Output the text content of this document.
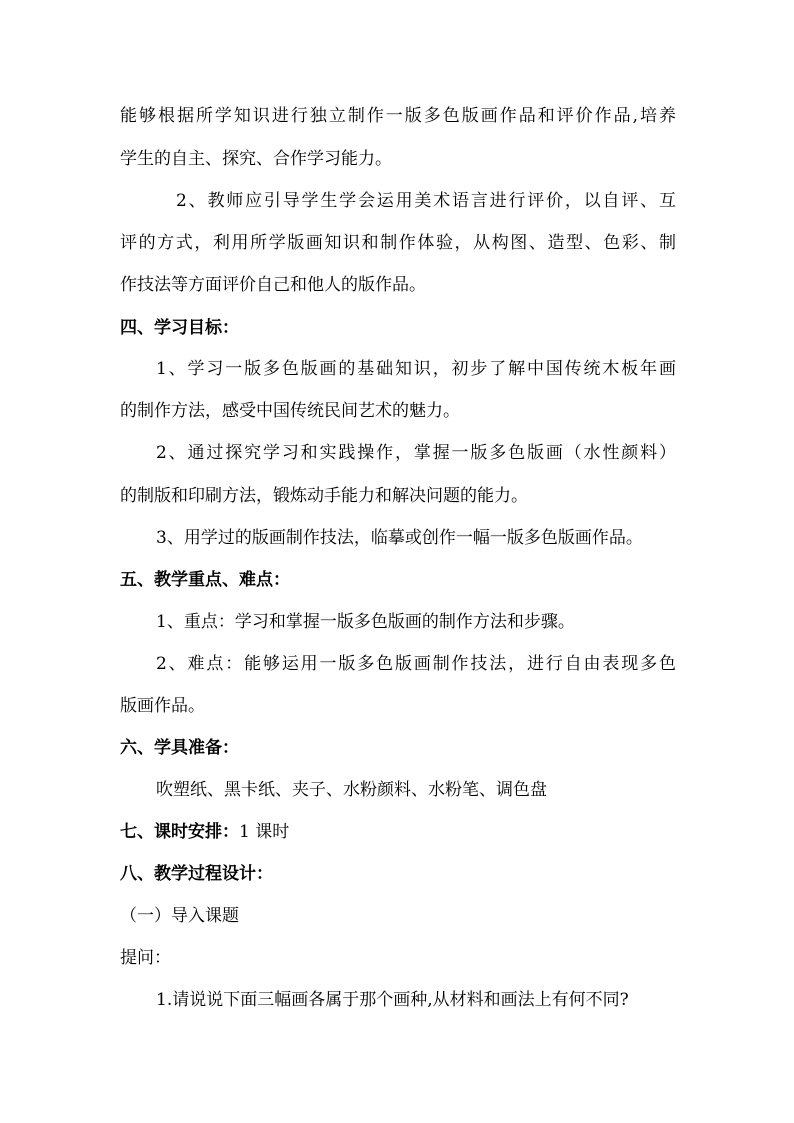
能够根据所学知识进行独立制作一版多色版画作品和评价作品,培养
学生的自主、探究、合作学习能力。
2、教师应引导学生学会运用美术语言进行评价，以自评、互
评的方式，利用所学版画知识和制作体验，从构图、造型、色彩、制
作技法等方面评价自己和他人的版作品。
四、学习目标：
1、学习一版多色版画的基础知识，初步了解中国传统木板年画
的制作方法，感受中国传统民间艺术的魅力。
2、通过探究学习和实践操作，掌握一版多色版画（水性颜料）
的制版和印刷方法，锻炼动手能力和解决问题的能力。
3、用学过的版画制作技法，临摹或创作一幅一版多色版画作品。
五、教学重点、难点：
1、重点：学习和掌握一版多色版画的制作方法和步骤。
2、难点：能够运用一版多色版画制作技法，进行自由表现多色
版画作品。
六、学具准备：
吹塑纸、黑卡纸、夹子、水粉颜料、水粉笔、调色盘
七、课时安排：1 课时
八、教学过程设计：
（一）导入课题
提问：
1.请说说下面三幅画各属于那个画种,从材料和画法上有何不同?
